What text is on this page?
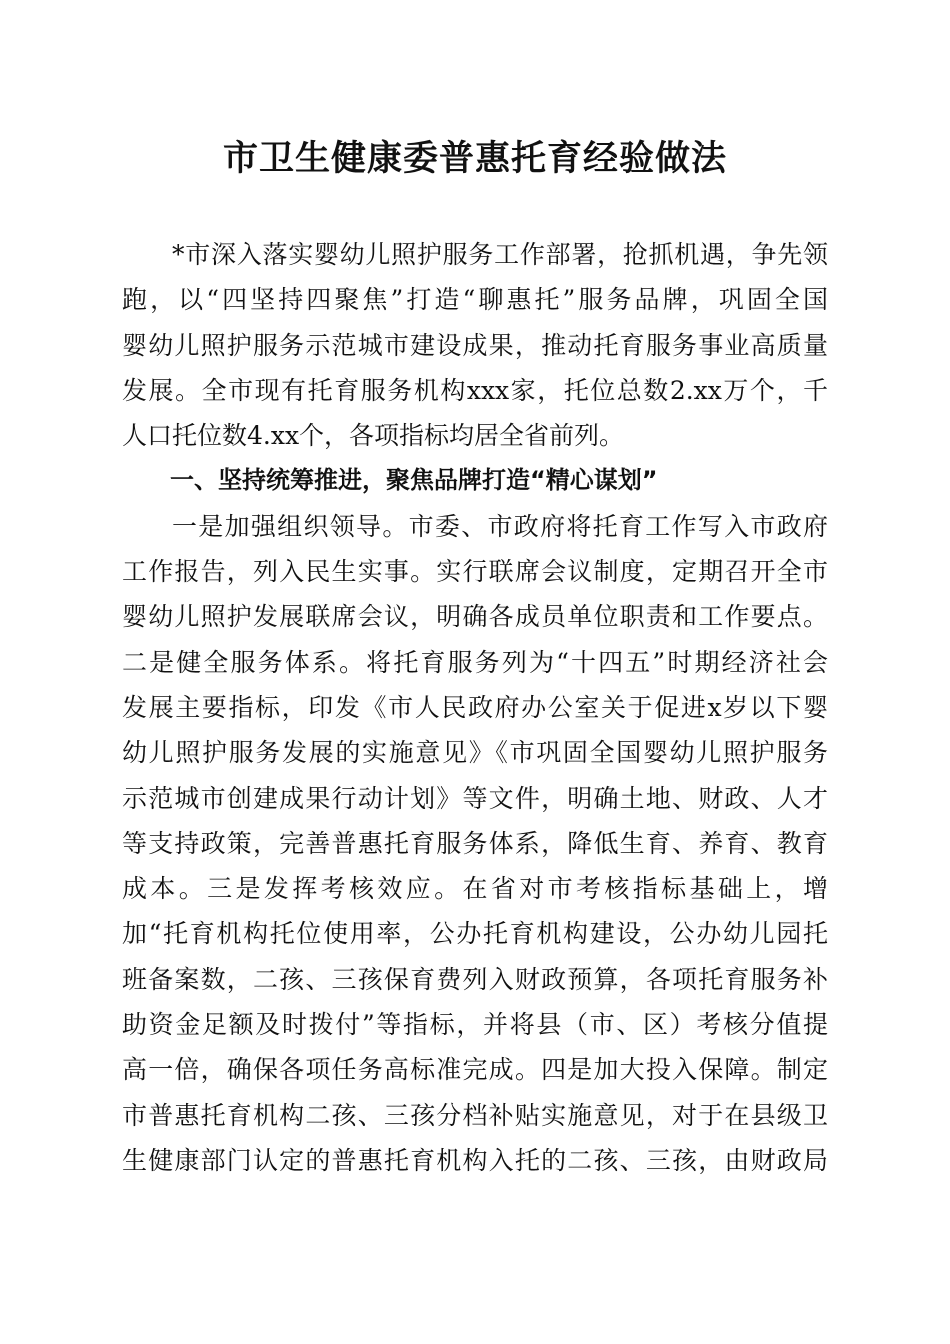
市卫生健康委普惠托育经验做法
*市深入落实婴幼儿照护服务工作部署，抢抓机遇，争先领
跑，以“四坚持四聚焦”打造“聊惠托”服务品牌，巩固全国
婴幼儿照护服务示范城市建设成果，推动托育服务事业高质量
发展。全市现有托育服务机构xxx家，托位总数2.xx万个，千
人口托位数4.xx个，各项指标均居全省前列。
一、坚持统筹推进，聚焦品牌打造“精心谋划”
一是加强组织领导。市委、市政府将托育工作写入市政府
工作报告，列入民生实事。实行联席会议制度，定期召开全市
婴幼儿照护发展联席会议，明确各成员单位职责和工作要点。
二是健全服务体系。将托育服务列为“十四五”时期经济社会
发展主要指标，印发《市人民政府办公室关于促进x岁以下婴
幼儿照护服务发展的实施意见》《市巩固全国婴幼儿照护服务
示范城市创建成果行动计划》等文件，明确土地、财政、人才
等支持政策，完善普惠托育服务体系，降低生育、养育、教育
成本。三是发挥考核效应。在省对市考核指标基础上，增
加“托育机构托位使用率，公办托育机构建设，公办幼儿园托
班备案数，二孩、三孩保育费列入财政预算，各项托育服务补
助资金足额及时拨付”等指标，并将县（市、区）考核分值提
高一倍，确保各项任务高标准完成。四是加大投入保障。制定
市普惠托育机构二孩、三孩分档补贴实施意见，对于在县级卫
生健康部门认定的普惠托育机构入托的二孩、三孩，由财政局
